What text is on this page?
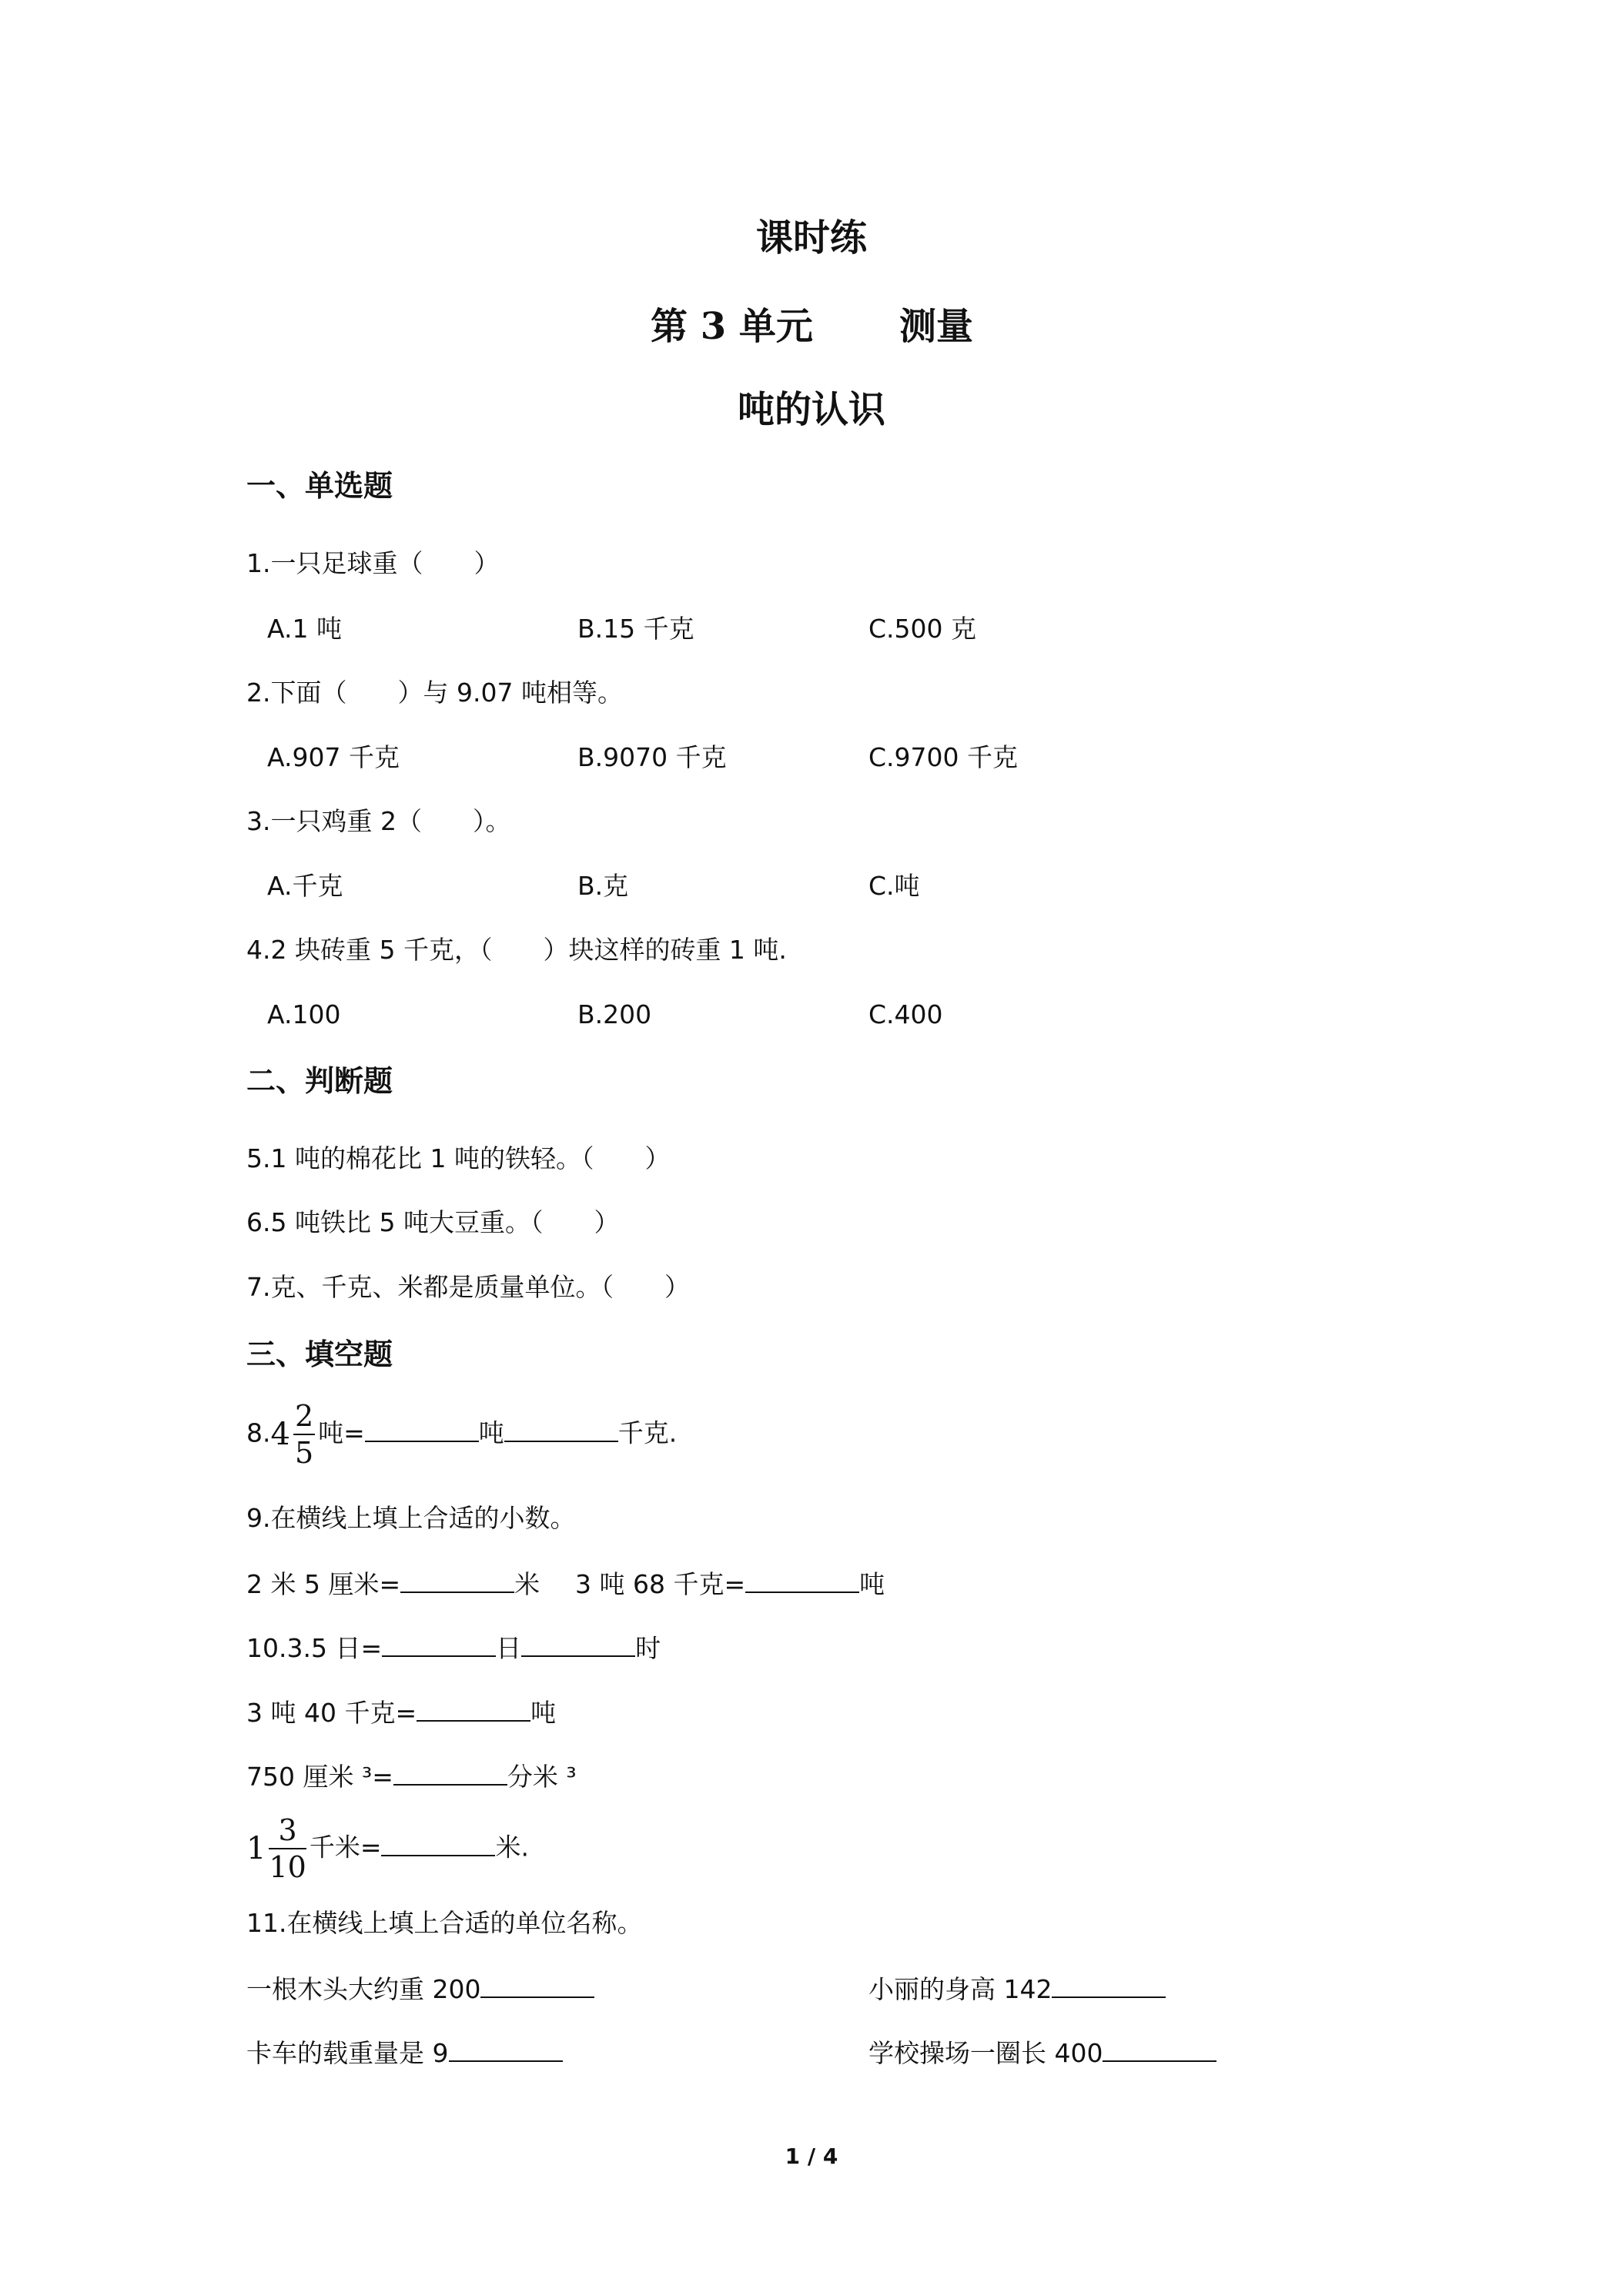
课时练
第 3 单元 测量
吨的认识
一、单选题
1.一只足球重（　　）
A.1 吨	B.15 千克	C.500 克
2.下面（　　）与 9.07 吨相等。
A.907 千克	B.9070 千克	C.9700 千克
3.一只鸡重 2（　　）。
A.千克	B.克	C.吨
4.2 块砖重 5 千克，（　　）块这样的砖重 1 吨.
A.100	B.200	C.400
二、判断题
5.1 吨的棉花比 1 吨的铁轻。（　　）
6.5 吨铁比 5 吨大豆重。（　　）
7.克、千克、米都是质量单位。（　　）
三、填空题
$8.4 \frac{2}{5}$ 吨=	吨	千克.
9.在横线上填上合适的小数。
2 米 5 厘米=	米 3 吨 68 千克=	吨
10.3.5 日=	日	时
3 吨 40 千克=	吨
750 厘米 ³=	分米 ³
$1 \frac{3}{10}$ 千米=	米.
11.在横线上填上合适的单位名称。
一根木头大约重 200	小丽的身高 142
卡车的载重量是 9	学校操场一圈长 400
1 / 4
